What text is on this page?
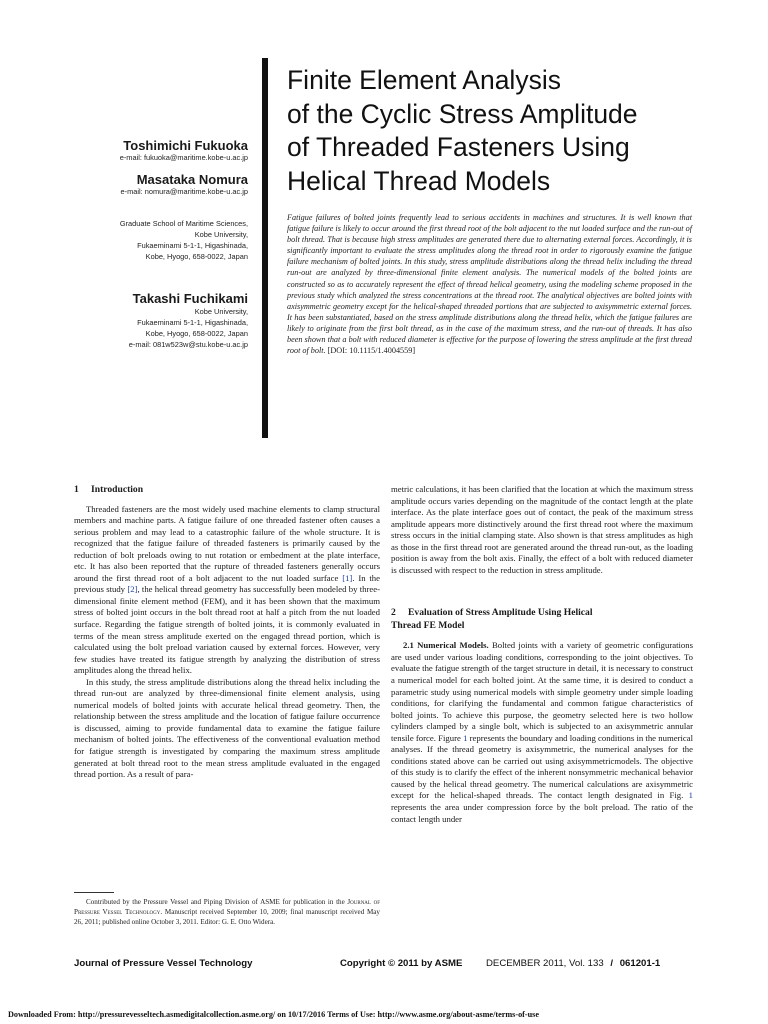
Toshimichi Fukuoka
e-mail: fukuoka@maritime.kobe-u.ac.jp
Masataka Nomura
e-mail: nomura@maritime.kobe-u.ac.jp
Graduate School of Maritime Sciences,
Kobe University,
Fukaeminami 5-1-1, Higashinada,
Kobe, Hyogo, 658-0022, Japan
Takashi Fuchikami
Kobe University,
Fukaeminami 5-1-1, Higashinada,
Kobe, Hyogo, 658-0022, Japan
e-mail: 081w523w@stu.kobe-u.ac.jp
Finite Element Analysis
of the Cyclic Stress Amplitude
of Threaded Fasteners Using
Helical Thread Models
Fatigue failures of bolted joints frequently lead to serious accidents in machines and structures. It is well known that fatigue failure is likely to occur around the first thread root of the bolt adjacent to the nut loaded surface and the run-out of bolt thread. That is because high stress amplitudes are generated there due to alternating external forces. Accordingly, it is significantly important to evaluate the stress amplitudes along the thread root in order to rigorously examine the fatigue failure mechanism of bolted joints. In this study, stress amplitude distributions along the thread helix including the thread run-out are analyzed by three-dimensional finite element analysis. The numerical models of the bolted joints are constructed so as to accurately represent the effect of thread helical geometry, using the modeling scheme proposed in the previous study which analyzed the stress concentrations at the thread root. The analytical objectives are bolted joints with axisymmetric geometry except for the helical-shaped threaded portions that are subjected to axisymmetric external forces. It has been substantiated, based on the stress amplitude distributions along the thread helix, which the fatigue failures are likely to originate from the first bolt thread, as in the case of the maximum stress, and the run-out of threads. It has also been shown that a bolt with reduced diameter is effective for the purpose of lowering the stress amplitude at the first thread root of bolt. [DOI: 10.1115/1.4004559]
1 Introduction

Threaded fasteners are the most widely used machine elements to clamp structural members and machine parts. A fatigue failure of one threaded fastener often causes a serious problem and may lead to a catastrophic failure of the whole structure. It is recognized that the fatigue failure of threaded fasteners is primarily caused by the reduction of bolt preloads owing to nut rotation or embedment at the plate interface, etc. It has also been reported that the rupture of threaded fasteners generally occurs around the first thread root of a bolt adjacent to the nut loaded surface [1]. In the previous study [2], the helical thread geometry has successfully been modeled by three-dimensional finite element method (FEM), and it has been shown that the maximum stress of bolted joint occurs in the bolt thread root at half a pitch from the nut loaded surface. Regarding the fatigue strength of bolted joints, it is commonly evaluated in terms of the mean stress amplitude exerted on the engaged thread portion, which is calculated using the bolt preload variation caused by external forces. However, very few studies have treated its fatigue strength by analyzing the distribution of stress amplitudes along the thread helix.

In this study, the stress amplitude distributions along the thread helix including the thread run-out are analyzed by three-dimensional finite element analysis, using numerical models of bolted joints with accurate helical thread geometry. Then, the relationship between the stress amplitude and the location of fatigue failure occurrence is discussed, aiming to provide fundamental data to examine the fatigue failure mechanism of bolted joints. The effectiveness of the conventional evaluation method for fatigue strength is investigated by comparing the maximum stress amplitude generated at bolt thread root to the mean stress amplitude evaluated in the engaged thread portion. As a result of para-

Contributed by the Pressure Vessel and Piping Division of ASME for publication in the Journal of Pressure Vessel Technology. Manuscript received September 10, 2009; final manuscript received May 26, 2011; published online October 3, 2011. Editor: G. E. Otto Widera.

metric calculations, it has been clarified that the location at which the maximum stress amplitude occurs varies depending on the magnitude of the contact length at the plate interface. As the plate interface goes out of contact, the peak of the maximum stress amplitude appears more distinctively around the first thread root where the maximum stress occurs in the initial clamping state. Also shown is that stress amplitudes as high as those in the first thread root are generated around the thread run-out, as the loading position is away from the bolt axis. Finally, the effect of a bolt with reduced diameter is discussed with respect to the reduction in stress amplitude.

2 Evaluation of Stress Amplitude Using Helical
Thread FE Model

2.1 Numerical Models. Bolted joints with a variety of geometric configurations are used under various loading conditions, corresponding to the joint objectives. To evaluate the fatigue strength of the target structure in detail, it is necessary to construct a numerical model for each bolted joint. At the same time, it is desired to conduct a parametric study using numerical models with simple geometry under simple loading conditions, for clarifying the fundamental and common fatigue characteristics of bolted joints. To achieve this purpose, the geometry selected here is two hollow cylinders clamped by a single bolt, which is subjected to an axisymmetric annular tensile force. Figure 1 represents the boundary and loading conditions in the numerical analyses. If the thread geometry is axisymmetric, the numerical analyses for the conditions stated above can be carried out using axisymmetricmodels. The objective of this study is to clarify the effect of the inherent nonsymmetric mechanical behavior caused by the helical thread geometry. The numerical calculations are axisymmetric except for the helical-shaped threads. The contact length designated in Fig. 1 represents the area under compression force by the bolt preload. The ratio of the contact length under

Journal of Pressure Vessel Technology	Copyright © 2011 by ASME DECEMBER 2011, Vol. 133 / 061201-1
Downloaded From: http://pressurevesseltech.asmedigitalcollection.asme.org/ on 10/17/2016 Terms of Use: http://www.asme.org/about-asme/terms-of-use
